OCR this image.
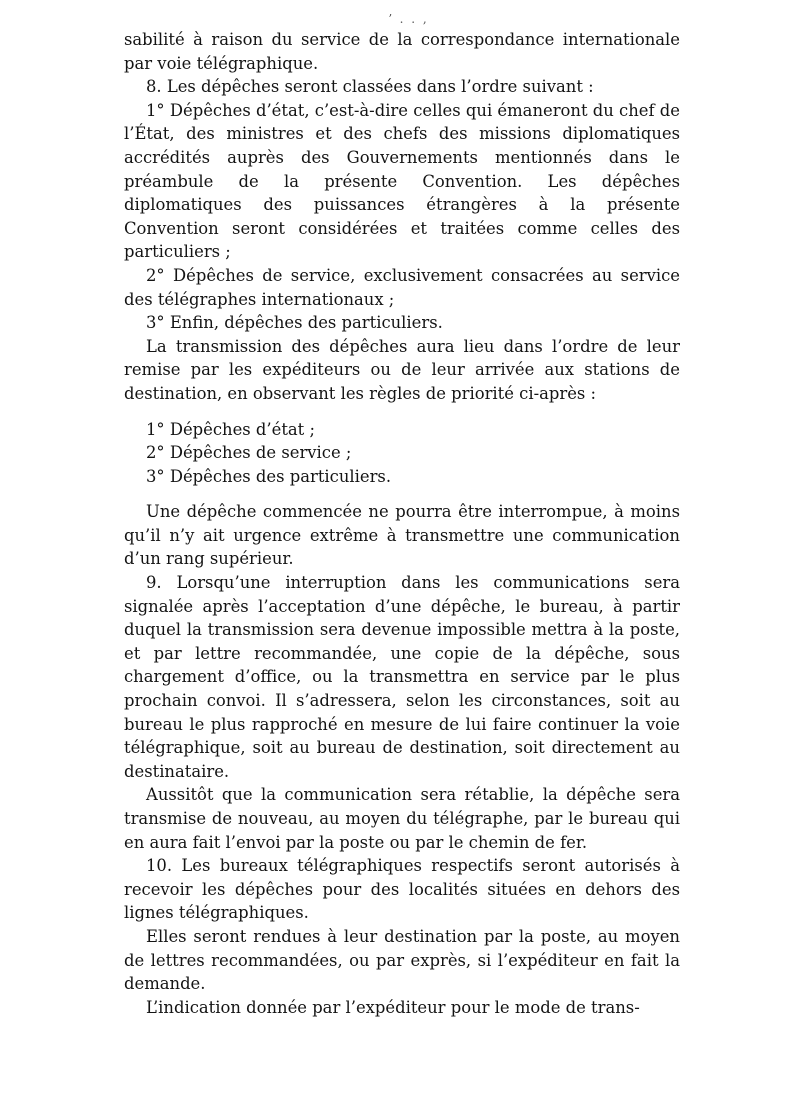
ʼ . . ,

sabilité à raison du service de la correspondance internationale par voie télégraphique.

8. Les dépêches seront classées dans l’ordre suivant :

1° Dépêches d’état, c’est-à-dire celles qui émaneront du chef de l’État, des ministres et des chefs des missions diplomatiques accrédités auprès des Gouvernements mentionnés dans le préambule de la présente Convention. Les dépêches diplomatiques des puissances étrangères à la présente Convention seront considérées et traitées comme celles des particuliers ;

2° Dépêches de service, exclusivement consacrées au service des télégraphes internationaux ;

3° Enfin, dépêches des particuliers.

La transmission des dépêches aura lieu dans l’ordre de leur remise par les expéditeurs ou de leur arrivée aux stations de destination, en observant les règles de priorité ci-après :

1° Dépêches d’état ;

2° Dépêches de service ;

3° Dépêches des particuliers.

Une dépêche commencée ne pourra être interrompue, à moins qu’il n’y ait urgence extrême à transmettre une communication d’un rang supérieur.

9. Lorsqu’une interruption dans les communications sera signalée après l’acceptation d’une dépêche, le bureau, à partir duquel la transmission sera devenue impossible mettra à la poste, et par lettre recommandée, une copie de la dépêche, sous chargement d’office, ou la transmettra en service par le plus prochain convoi. Il s’adressera, selon les circonstances, soit au bureau le plus rapproché en mesure de lui faire continuer la voie télégraphique, soit au bureau de destination, soit directement au destinataire.

Aussitôt que la communication sera rétablie, la dépêche sera transmise de nouveau, au moyen du télégraphe, par le bureau qui en aura fait l’envoi par la poste ou par le chemin de fer.

10. Les bureaux télégraphiques respectifs seront autorisés à recevoir les dépêches pour des localités situées en dehors des lignes télégraphiques.

Elles seront rendues à leur destination par la poste, au moyen de lettres recommandées, ou par exprès, si l’expéditeur en fait la demande.

L’indication donnée par l’expéditeur pour le mode de trans-
